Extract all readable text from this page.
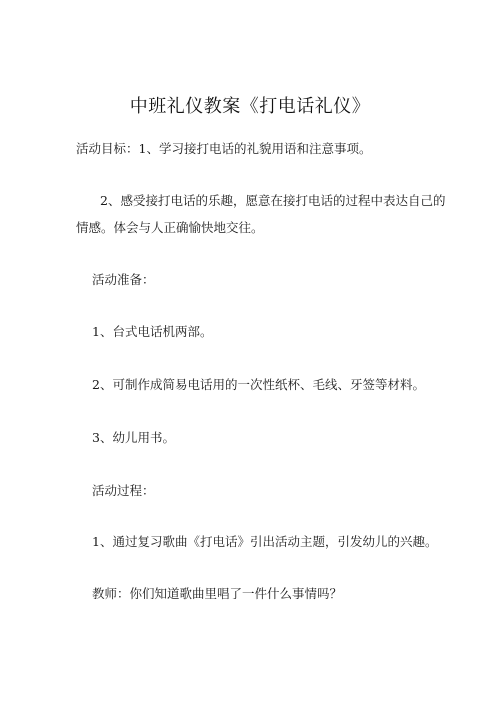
中班礼仪教案《打电话礼仪》
活动目标：1、学习接打电话的礼貌用语和注意事项。
2、感受接打电话的乐趣，愿意在接打电话的过程中表达自己的
情感。体会与人正确愉快地交往。
活动准备：
1、台式电话机两部。
2、可制作成简易电话用的一次性纸杯、毛线、牙签等材料。
3、幼儿用书。
活动过程：
1、通过复习歌曲《打电话》引出活动主题，引发幼儿的兴趣。
教师：你们知道歌曲里唱了一件什么事情吗？
